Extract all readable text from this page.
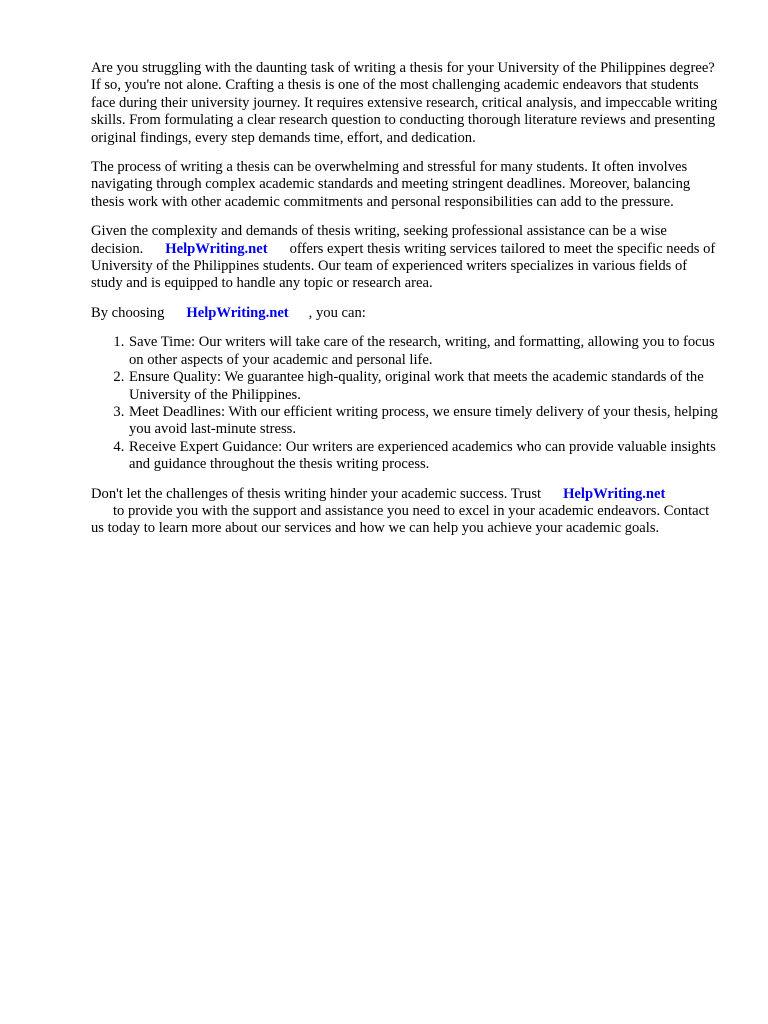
Are you struggling with the daunting task of writing a thesis for your University of the Philippines degree? If so, you're not alone. Crafting a thesis is one of the most challenging academic endeavors that students face during their university journey. It requires extensive research, critical analysis, and impeccable writing skills. From formulating a clear research question to conducting thorough literature reviews and presenting original findings, every step demands time, effort, and dedication.

The process of writing a thesis can be overwhelming and stressful for many students. It often involves navigating through complex academic standards and meeting stringent deadlines. Moreover, balancing thesis work with other academic commitments and personal responsibilities can add to the pressure.

Given the complexity and demands of thesis writing, seeking professional assistance can be a wise decision. HelpWriting.net offers expert thesis writing services tailored to meet the specific needs of University of the Philippines students. Our team of experienced writers specializes in various fields of study and is equipped to handle any topic or research area.

By choosing HelpWriting.net , you can:

1. Save Time: Our writers will take care of the research, writing, and formatting, allowing you to focus on other aspects of your academic and personal life.
2. Ensure Quality: We guarantee high-quality, original work that meets the academic standards of the University of the Philippines.
3. Meet Deadlines: With our efficient writing process, we ensure timely delivery of your thesis, helping you avoid last-minute stress.
4. Receive Expert Guidance: Our writers are experienced academics who can provide valuable insights and guidance throughout the thesis writing process.

Don't let the challenges of thesis writing hinder your academic success. Trust HelpWriting.net
to provide you with the support and assistance you need to excel in your academic endeavors. Contact us today to learn more about our services and how we can help you achieve your academic goals.
